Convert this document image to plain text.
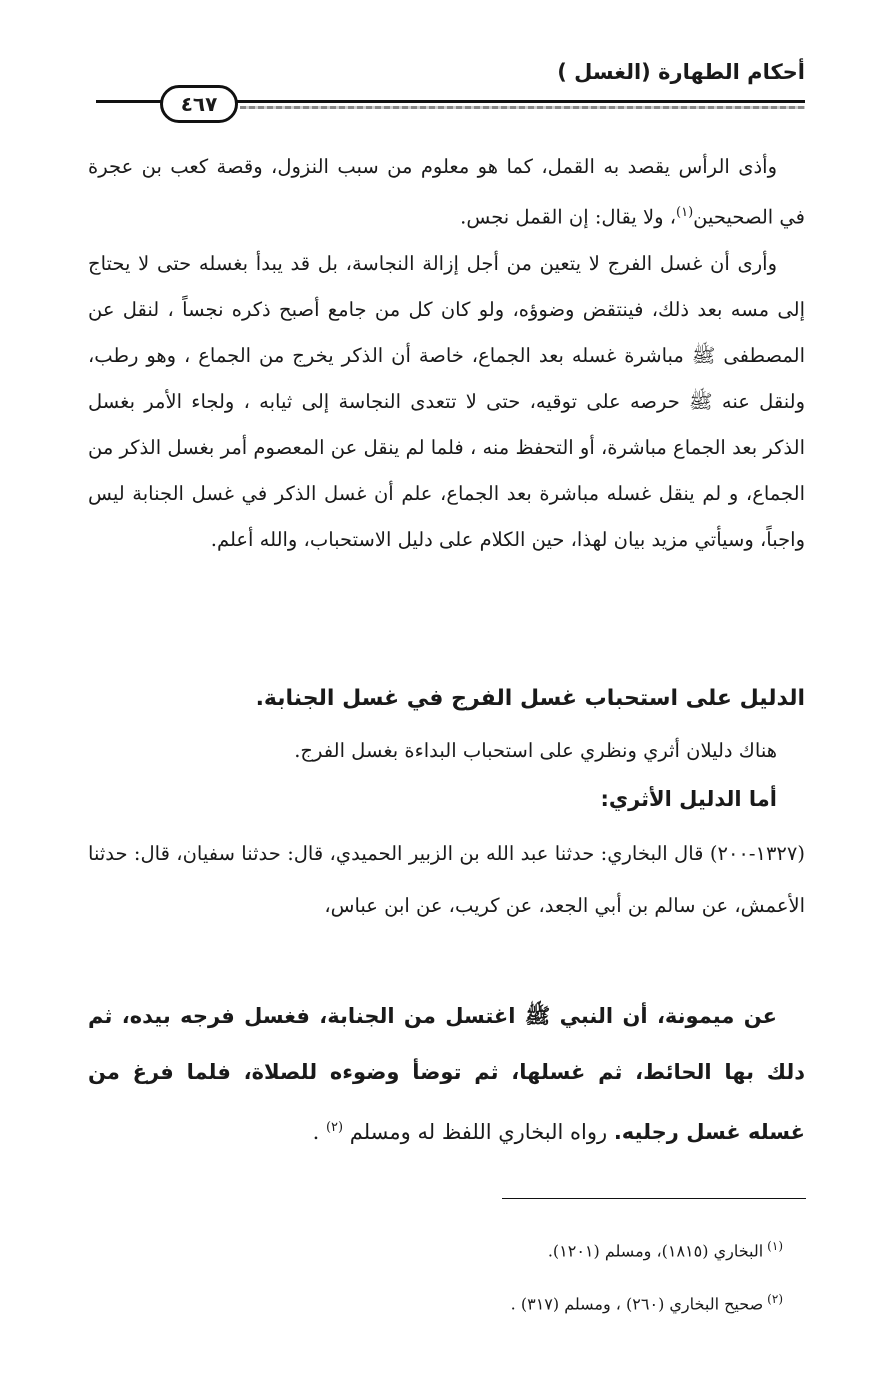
أحكام الطهارة (الغسل )
٤٦٧

وأذى الرأس يقصد به القمل، كما هو معلوم من سبب النزول، وقصة كعب بن عجرة في الصحيحين$^{(١)}$، ولا يقال: إن القمل نجس.

وأرى أن غسل الفرج لا يتعين من أجل إزالة النجاسة، بل قد يبدأ بغسله حتى لا يحتاج إلى مسه بعد ذلك، فينتقض وضوؤه، ولو كان كل من جامع أصبح ذكره نجساً ، لنقل عن المصطفى ﷺ مباشرة غسله بعد الجماع، خاصة أن الذكر يخرج من الجماع ، وهو رطب، ولنقل عنه ﷺ حرصه على توقيه، حتى لا تتعدى النجاسة إلى ثيابه ، ولجاء الأمر بغسل الذكر بعد الجماع مباشرة، أو التحفظ منه ، فلما لم ينقل عن المعصوم أمر بغسل الذكر من الجماع، و لم ينقل غسله مباشرة بعد الجماع، علم أن غسل الذكر في غسل الجنابة ليس واجباً، وسيأتي مزيد بيان لهذا، حين الكلام على دليل الاستحباب، والله أعلم.

الدليل على استحباب غسل الفرج في غسل الجنابة.
هناك دليلان أثري ونظري على استحباب البداءة بغسل الفرج.
أما الدليل الأثري:
(١٣٢٧-٢٠٠) قال البخاري: حدثنا عبد الله بن الزبير الحميدي، قال: حدثنا سفيان، قال: حدثنا الأعمش، عن سالم بن أبي الجعد، عن كريب، عن ابن عباس،
عن ميمونة، أن النبي ﷺ اغتسل من الجنابة، فغسل فرجه بيده، ثم دلك بها الحائط، ثم غسلها، ثم توضأ وضوءه للصلاة، فلما فرغ من غسله غسل رجليه. رواه البخاري اللفظ له ومسلم $^{(٢)}$ .
$^{(١)}$البخاري (١٨١٥)، ومسلم (١٢٠١).
$^{(٢)}$صحيح البخاري (٢٦٠) ، ومسلم (٣١٧) .
